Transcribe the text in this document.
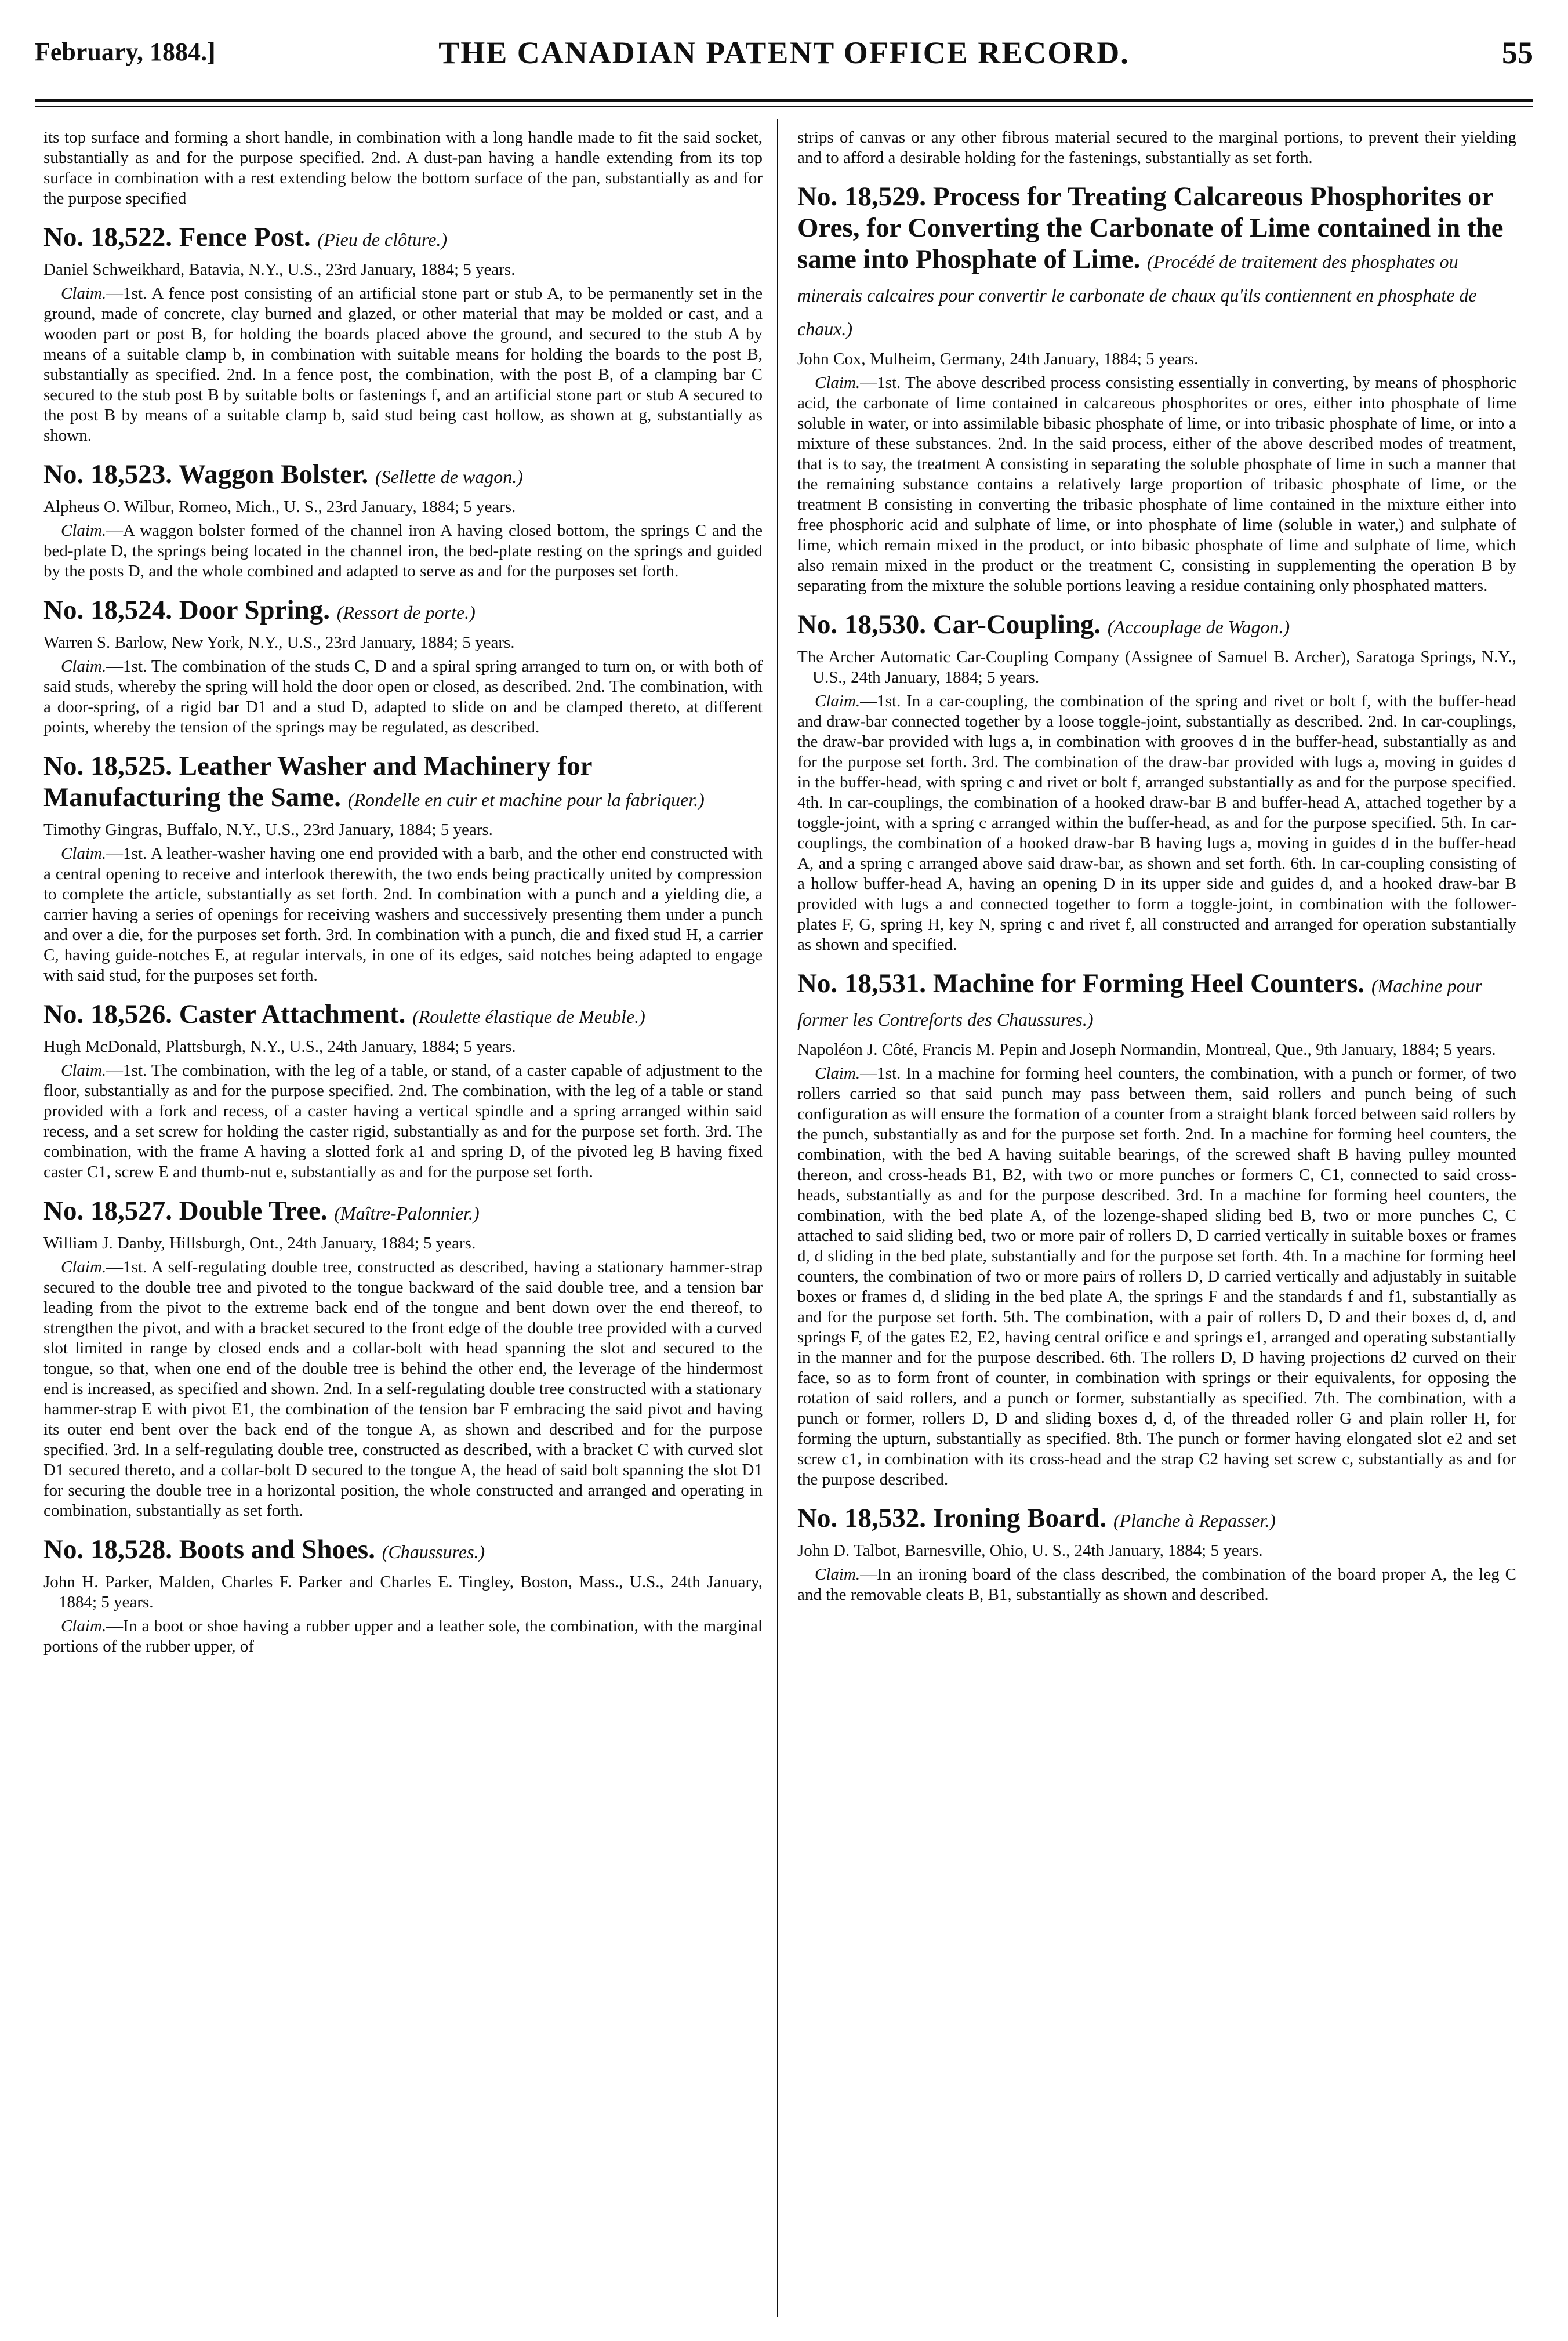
February, 1884.]	THE CANADIAN PATENT OFFICE RECORD.	55

its top surface and forming a short handle, in combination with a long handle made to fit the said socket, substantially as and for the purpose specified. 2nd. A dust-pan having a handle extending from its top surface in combination with a rest extending below the bottom surface of the pan, substantially as and for the purpose specified

No. 18,522. Fence Post. (Pieu de clôture.)

Daniel Schweikhard, Batavia, N.Y., U.S., 23rd January, 1884; 5 years.

Claim.—1st. A fence post consisting of an artificial stone part or stub A, to be permanently set in the ground, made of concrete, clay burned and glazed, or other material that may be molded or cast, and a wooden part or post B, for holding the boards placed above the ground, and secured to the stub A by means of a suitable clamp b, in combination with suitable means for holding the boards to the post B, substantially as specified. 2nd. In a fence post, the combination, with the post B, of a clamping bar C secured to the stub post B by suitable bolts or fastenings f, and an artificial stone part or stub A secured to the post B by means of a suitable clamp b, said stud being cast hollow, as shown at g, substantially as shown.

No. 18,523. Waggon Bolster. (Sellette de wagon.)

Alpheus O. Wilbur, Romeo, Mich., U. S., 23rd January, 1884; 5 years.

Claim.—A waggon bolster formed of the channel iron A having closed bottom, the springs C and the bed-plate D, the springs being located in the channel iron, the bed-plate resting on the springs and guided by the posts D, and the whole combined and adapted to serve as and for the purposes set forth.

No. 18,524. Door Spring. (Ressort de porte.)

Warren S. Barlow, New York, N.Y., U.S., 23rd January, 1884; 5 years.

Claim.—1st. The combination of the studs C, D and a spiral spring arranged to turn on, or with both of said studs, whereby the spring will hold the door open or closed, as described. 2nd. The combination, with a door-spring, of a rigid bar D1 and a stud D, adapted to slide on and be clamped thereto, at different points, whereby the tension of the springs may be regulated, as described.

No. 18,525. Leather Washer and Machinery for Manufacturing the Same. (Rondelle en cuir et machine pour la fabriquer.)

Timothy Gingras, Buffalo, N.Y., U.S., 23rd January, 1884; 5 years.

Claim.—1st. A leather-washer having one end provided with a barb, and the other end constructed with a central opening to receive and interlook therewith, the two ends being practically united by compression to complete the article, substantially as set forth. 2nd. In combination with a punch and a yielding die, a carrier having a series of openings for receiving washers and successively presenting them under a punch and over a die, for the purposes set forth. 3rd. In combination with a punch, die and fixed stud H, a carrier C, having guide-notches E, at regular intervals, in one of its edges, said notches being adapted to engage with said stud, for the purposes set forth.

No. 18,526. Caster Attachment. (Roulette élastique de Meuble.)

Hugh McDonald, Plattsburgh, N.Y., U.S., 24th January, 1884; 5 years.

Claim.—1st. The combination, with the leg of a table, or stand, of a caster capable of adjustment to the floor, substantially as and for the purpose specified. 2nd. The combination, with the leg of a table or stand provided with a fork and recess, of a caster having a vertical spindle and a spring arranged within said recess, and a set screw for holding the caster rigid, substantially as and for the purpose set forth. 3rd. The combination, with the frame A having a slotted fork a1 and spring D, of the pivoted leg B having fixed caster C1, screw E and thumb-nut e, substantially as and for the purpose set forth.

No. 18,527. Double Tree. (Maître-Palonnier.)

William J. Danby, Hillsburgh, Ont., 24th January, 1884; 5 years.

Claim.—1st. A self-regulating double tree, constructed as described, having a stationary hammer-strap secured to the double tree and pivoted to the tongue backward of the said double tree, and a tension bar leading from the pivot to the extreme back end of the tongue and bent down over the end thereof, to strengthen the pivot, and with a bracket secured to the front edge of the double tree provided with a curved slot limited in range by closed ends and a collar-bolt with head spanning the slot and secured to the tongue, so that, when one end of the double tree is behind the other end, the leverage of the hindermost end is increased, as specified and shown. 2nd. In a self-regulating double tree constructed with a stationary hammer-strap E with pivot E1, the combination of the tension bar F embracing the said pivot and having its outer end bent over the back end of the tongue A, as shown and described and for the purpose specified. 3rd. In a self-regulating double tree, constructed as described, with a bracket C with curved slot D1 secured thereto, and a collar-bolt D secured to the tongue A, the head of said bolt spanning the slot D1 for securing the double tree in a horizontal position, the whole constructed and arranged and operating in combination, substantially as set forth.

No. 18,528. Boots and Shoes. (Chaussures.)

John H. Parker, Malden, Charles F. Parker and Charles E. Tingley, Boston, Mass., U.S., 24th January, 1884; 5 years.

Claim.—In a boot or shoe having a rubber upper and a leather sole, the combination, with the marginal portions of the rubber upper, of

strips of canvas or any other fibrous material secured to the marginal portions, to prevent their yielding and to afford a desirable holding for the fastenings, substantially as set forth.

No. 18,529. Process for Treating Calcareous Phosphorites or Ores, for Converting the Carbonate of Lime contained in the same into Phosphate of Lime. (Procédé de traitement des phosphates ou minerais calcaires pour convertir le carbonate de chaux qu'ils contiennent en phosphate de chaux.)

John Cox, Mulheim, Germany, 24th January, 1884; 5 years.

Claim.—1st. The above described process consisting essentially in converting, by means of phosphoric acid, the carbonate of lime contained in calcareous phosphorites or ores, either into phosphate of lime soluble in water, or into assimilable bibasic phosphate of lime, or into tribasic phosphate of lime, or into a mixture of these substances. 2nd. In the said process, either of the above described modes of treatment, that is to say, the treatment A consisting in separating the soluble phosphate of lime in such a manner that the remaining substance contains a relatively large proportion of tribasic phosphate of lime, or the treatment B consisting in converting the tribasic phosphate of lime contained in the mixture either into free phosphoric acid and sulphate of lime, or into phosphate of lime (soluble in water,) and sulphate of lime, which remain mixed in the product, or into bibasic phosphate of lime and sulphate of lime, which also remain mixed in the product or the treatment C, consisting in supplementing the operation B by separating from the mixture the soluble portions leaving a residue containing only phosphated matters.

No. 18,530. Car-Coupling. (Accouplage de Wagon.)

The Archer Automatic Car-Coupling Company (Assignee of Samuel B. Archer), Saratoga Springs, N.Y., U.S., 24th January, 1884; 5 years.

Claim.—1st. In a car-coupling, the combination of the spring and rivet or bolt f, with the buffer-head and draw-bar connected together by a loose toggle-joint, substantially as described. 2nd. In car-couplings, the draw-bar provided with lugs a, in combination with grooves d in the buffer-head, substantially as and for the purpose set forth. 3rd. The combination of the draw-bar provided with lugs a, moving in guides d in the buffer-head, with spring c and rivet or bolt f, arranged substantially as and for the purpose specified. 4th. In car-couplings, the combination of a hooked draw-bar B and buffer-head A, attached together by a toggle-joint, with a spring c arranged within the buffer-head, as and for the purpose specified. 5th. In car-couplings, the combination of a hooked draw-bar B having lugs a, moving in guides d in the buffer-head A, and a spring c arranged above said draw-bar, as shown and set forth. 6th. In car-coupling consisting of a hollow buffer-head A, having an opening D in its upper side and guides d, and a hooked draw-bar B provided with lugs a and connected together to form a toggle-joint, in combination with the follower-plates F, G, spring H, key N, spring c and rivet f, all constructed and arranged for operation substantially as shown and specified.

No. 18,531. Machine for Forming Heel Counters. (Machine pour former les Contreforts des Chaussures.)

Napoléon J. Côté, Francis M. Pepin and Joseph Normandin, Montreal, Que., 9th January, 1884; 5 years.

Claim.—1st. In a machine for forming heel counters, the combination, with a punch or former, of two rollers carried so that said punch may pass between them, said rollers and punch being of such configuration as will ensure the formation of a counter from a straight blank forced between said rollers by the punch, substantially as and for the purpose set forth. 2nd. In a machine for forming heel counters, the combination, with the bed A having suitable bearings, of the screwed shaft B having pulley mounted thereon, and cross-heads B1, B2, with two or more punches or formers C, C1, connected to said cross-heads, substantially as and for the purpose described. 3rd. In a machine for forming heel counters, the combination, with the bed plate A, of the lozenge-shaped sliding bed B, two or more punches C, C attached to said sliding bed, two or more pair of rollers D, D carried vertically in suitable boxes or frames d, d sliding in the bed plate, substantially and for the purpose set forth. 4th. In a machine for forming heel counters, the combination of two or more pairs of rollers D, D carried vertically and adjustably in suitable boxes or frames d, d sliding in the bed plate A, the springs F and the standards f and f1, substantially as and for the purpose set forth. 5th. The combination, with a pair of rollers D, D and their boxes d, d, and springs F, of the gates E2, E2, having central orifice e and springs e1, arranged and operating substantially in the manner and for the purpose described. 6th. The rollers D, D having projections d2 curved on their face, so as to form front of counter, in combination with springs or their equivalents, for opposing the rotation of said rollers, and a punch or former, substantially as specified. 7th. The combination, with a punch or former, rollers D, D and sliding boxes d, d, of the threaded roller G and plain roller H, for forming the upturn, substantially as specified. 8th. The punch or former having elongated slot e2 and set screw c1, in combination with its cross-head and the strap C2 having set screw c, substantially as and for the purpose described.

No. 18,532. Ironing Board. (Planche à Repasser.)

John D. Talbot, Barnesville, Ohio, U. S., 24th January, 1884; 5 years.

Claim.—In an ironing board of the class described, the combination of the board proper A, the leg C and the removable cleats B, B1, substantially as shown and described.
